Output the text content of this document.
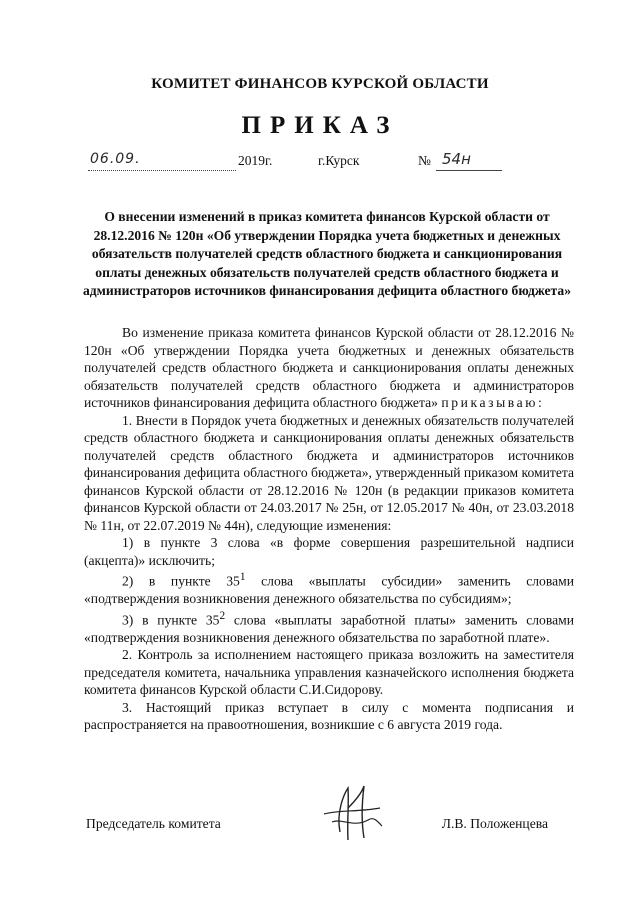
КОМИТЕТ ФИНАНСОВ КУРСКОЙ ОБЛАСТИ
ПРИКАЗ
06.09.	2019г.	г.Курск	№ 54н
О внесении изменений в приказ комитета финансов Курской области от 28.12.2016 № 120н «Об утверждении Порядка учета бюджетных и денежных обязательств получателей средств областного бюджета и санкционирования оплаты денежных обязательств получателей средств областного бюджета и администраторов источников финансирования дефицита областного бюджета»

Во изменение приказа комитета финансов Курской области от 28.12.2016 № 120н «Об утверждении Порядка учета бюджетных и денежных обязательств получателей средств областного бюджета и санкционирования оплаты денежных обязательств получателей средств областного бюджета и администраторов источников финансирования дефицита областного бюджета» приказываю:

1. Внести в Порядок учета бюджетных и денежных обязательств получателей средств областного бюджета и санкционирования оплаты денежных обязательств получателей средств областного бюджета и администраторов источников финансирования дефицита областного бюджета», утвержденный приказом комитета финансов Курской области от 28.12.2016 № 120н (в редакции приказов комитета финансов Курской области от 24.03.2017 № 25н, от 12.05.2017 № 40н, от 23.03.2018 № 11н, от 22.07.2019 № 44н), следующие изменения:

1) в пункте 3 слова «в форме совершения разрешительной надписи (акцепта)» исключить;

2) в пункте $35^1$ слова «выплаты субсидии» заменить словами «подтверждения возникновения денежного обязательства по субсидиям»;

3) в пункте $35^2$ слова «выплаты заработной платы» заменить словами «подтверждения возникновения денежного обязательства по заработной плате».

2. Контроль за исполнением настоящего приказа возложить на заместителя председателя комитета, начальника управления казначейского исполнения бюджета комитета финансов Курской области С.И.Сидорову.

3. Настоящий приказ вступает в силу с момента подписания и распространяется на правоотношения, возникшие с 6 августа 2019 года.

Председатель комитета	Л.В. Положенцева
